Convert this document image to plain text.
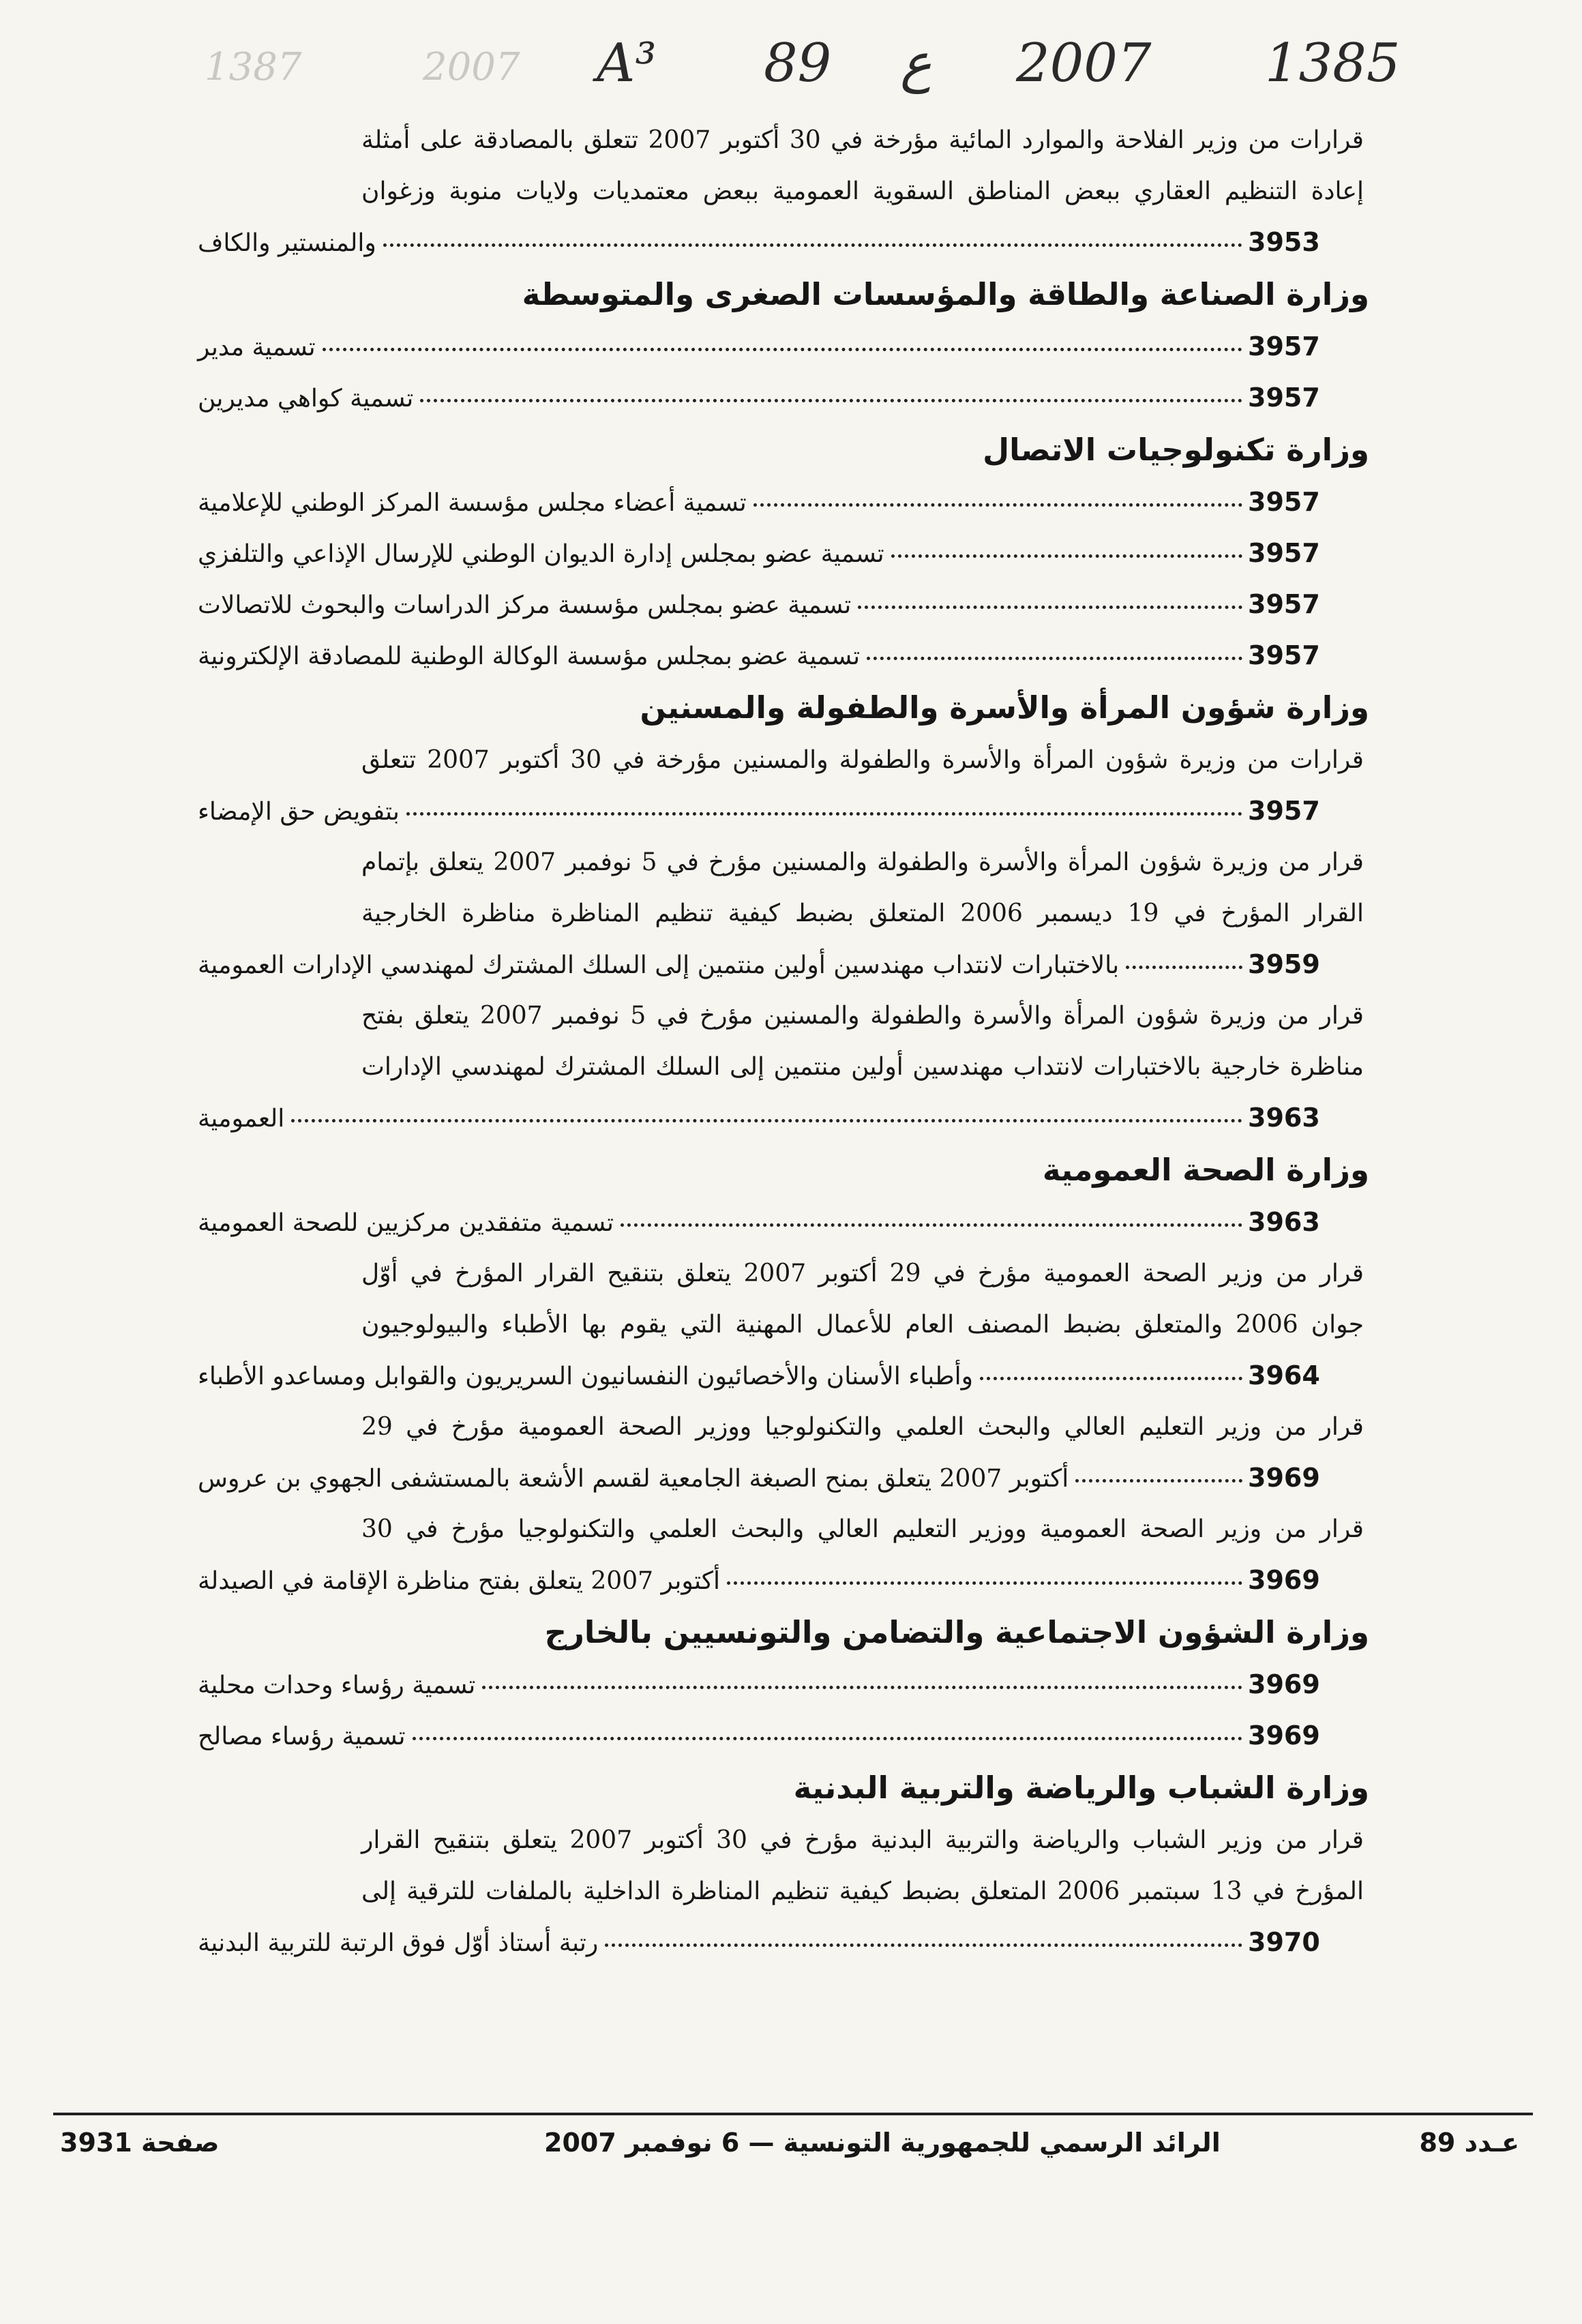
1387	2007 A³ 89 ع 2007 1385
قرارات من وزير الفلاحة والموارد المائية مؤرخة في 30 أكتوبر 2007 تتعلق بالمصادقة على أمثلة
إعادة التنظيم العقاري ببعض المناطق السقوية العمومية ببعض معتمديات ولايات منوبة وزغوان
والمنستير والكاف	3953
وزارة الصناعة والطاقة والمؤسسات الصغرى والمتوسطة
تسمية مدير	3957
تسمية كواهي مديرين	3957
وزارة تكنولوجيات الاتصال
تسمية أعضاء مجلس مؤسسة المركز الوطني للإعلامية	3957
تسمية عضو بمجلس إدارة الديوان الوطني للإرسال الإذاعي والتلفزي	3957
تسمية عضو بمجلس مؤسسة مركز الدراسات والبحوث للاتصالات	3957
تسمية عضو بمجلس مؤسسة الوكالة الوطنية للمصادقة الإلكترونية	3957
وزارة شؤون المرأة والأسرة والطفولة والمسنين
قرارات من وزيرة شؤون المرأة والأسرة والطفولة والمسنين مؤرخة في 30 أكتوبر 2007 تتعلق
بتفويض حق الإمضاء	3957
قرار من وزيرة شؤون المرأة والأسرة والطفولة والمسنين مؤرخ في 5 نوفمبر 2007 يتعلق بإتمام
القرار المؤرخ في 19 ديسمبر 2006 المتعلق بضبط كيفية تنظيم المناظرة مناظرة الخارجية
بالاختبارات لانتداب مهندسين أولين منتمين إلى السلك المشترك لمهندسي الإدارات العمومية	3959
قرار من وزيرة شؤون المرأة والأسرة والطفولة والمسنين مؤرخ في 5 نوفمبر 2007 يتعلق بفتح
مناظرة خارجية بالاختبارات لانتداب مهندسين أولين منتمين إلى السلك المشترك لمهندسي الإدارات
العمومية	3963
وزارة الصحة العمومية
تسمية متفقدين مركزيين للصحة العمومية	3963
قرار من وزير الصحة العمومية مؤرخ في 29 أكتوبر 2007 يتعلق بتنقيح القرار المؤرخ في أوّل
جوان 2006 والمتعلق بضبط المصنف العام للأعمال المهنية التي يقوم بها الأطباء والبيولوجيون
وأطباء الأسنان والأخصائيون النفسانيون السريريون والقوابل ومساعدو الأطباء	3964
قرار من وزير التعليم العالي والبحث العلمي والتكنولوجيا ووزير الصحة العمومية مؤرخ في 29
أكتوبر 2007 يتعلق بمنح الصبغة الجامعية لقسم الأشعة بالمستشفى الجهوي بن عروس	3969
قرار من وزير الصحة العمومية ووزير التعليم العالي والبحث العلمي والتكنولوجيا مؤرخ في 30
أكتوبر 2007 يتعلق بفتح مناظرة الإقامة في الصيدلة	3969
وزارة الشؤون الاجتماعية والتضامن والتونسيين بالخارج
تسمية رؤساء وحدات محلية	3969
تسمية رؤساء مصالح	3969
وزارة الشباب والرياضة والتربية البدنية
قرار من وزير الشباب والرياضة والتربية البدنية مؤرخ في 30 أكتوبر 2007 يتعلق بتنقيح القرار
المؤرخ في 13 سبتمبر 2006 المتعلق بضبط كيفية تنظيم المناظرة الداخلية بالملفات للترقية إلى
رتبة أستاذ أوّل فوق الرتبة للتربية البدنية	3970
صفحة 3931	الرائد الرسمي للجمهورية التونسية — 6 نوفمبر 2007	عـدد 89
